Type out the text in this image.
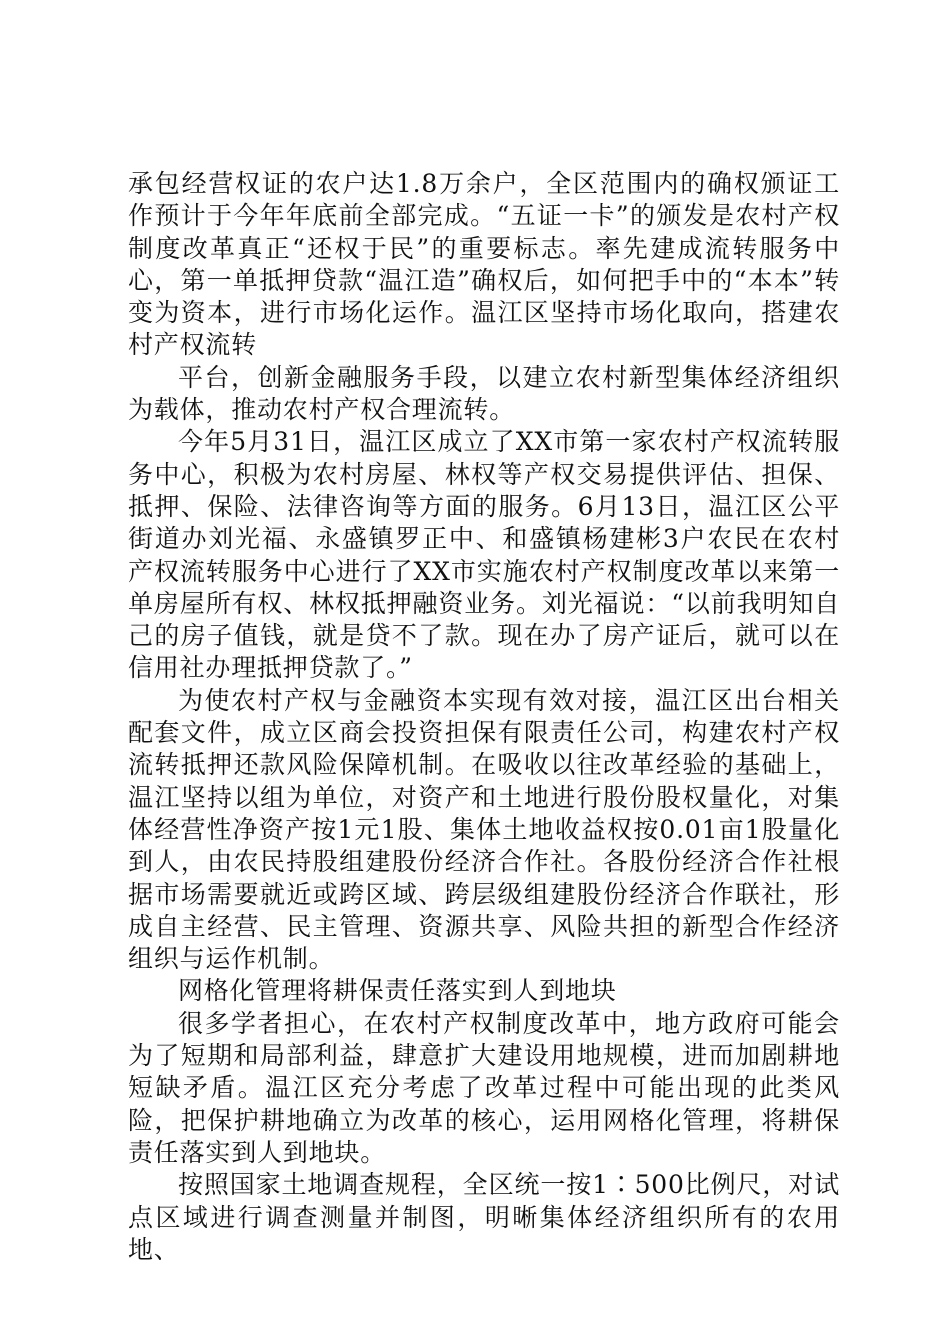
承包经营权证的农户达1.8万余户，全区范围内的确权颁证工作预计于今年年底前全部完成。“五证一卡”的颁发是农村产权制度改革真正“还权于民”的重要标志。率先建成流转服务中心，第一单抵押贷款“温江造”确权后，如何把手中的“本本”转变为资本，进行市场化运作。温江区坚持市场化取向，搭建农村产权流转

平台，创新金融服务手段，以建立农村新型集体经济组织为载体，推动农村产权合理流转。

今年5月31日，温江区成立了XX市第一家农村产权流转服务中心，积极为农村房屋、林权等产权交易提供评估、担保、抵押、保险、法律咨询等方面的服务。6月13日，温江区公平街道办刘光福、永盛镇罗正中、和盛镇杨建彬3户农民在农村产权流转服务中心进行了XX市实施农村产权制度改革以来第一单房屋所有权、林权抵押融资业务。刘光福说：“以前我明知自己的房子值钱，就是贷不了款。现在办了房产证后，就可以在信用社办理抵押贷款了。”

为使农村产权与金融资本实现有效对接，温江区出台相关配套文件，成立区商会投资担保有限责任公司，构建农村产权流转抵押还款风险保障机制。在吸收以往改革经验的基础上，温江坚持以组为单位，对资产和土地进行股份股权量化，对集体经营性净资产按1元1股、集体土地收益权按0.01亩1股量化到人，由农民持股组建股份经济合作社。各股份经济合作社根据市场需要就近或跨区域、跨层级组建股份经济合作联社，形成自主经营、民主管理、资源共享、风险共担的新型合作经济组织与运作机制。

网格化管理将耕保责任落实到人到地块

很多学者担心，在农村产权制度改革中，地方政府可能会为了短期和局部利益，肆意扩大建设用地规模，进而加剧耕地短缺矛盾。温江区充分考虑了改革过程中可能出现的此类风险，把保护耕地确立为改革的核心，运用网格化管理，将耕保责任落实到人到地块。

按照国家土地调查规程，全区统一按1∶500比例尺，对试点区域进行调查测量并制图，明晰集体经济组织所有的农用地、
